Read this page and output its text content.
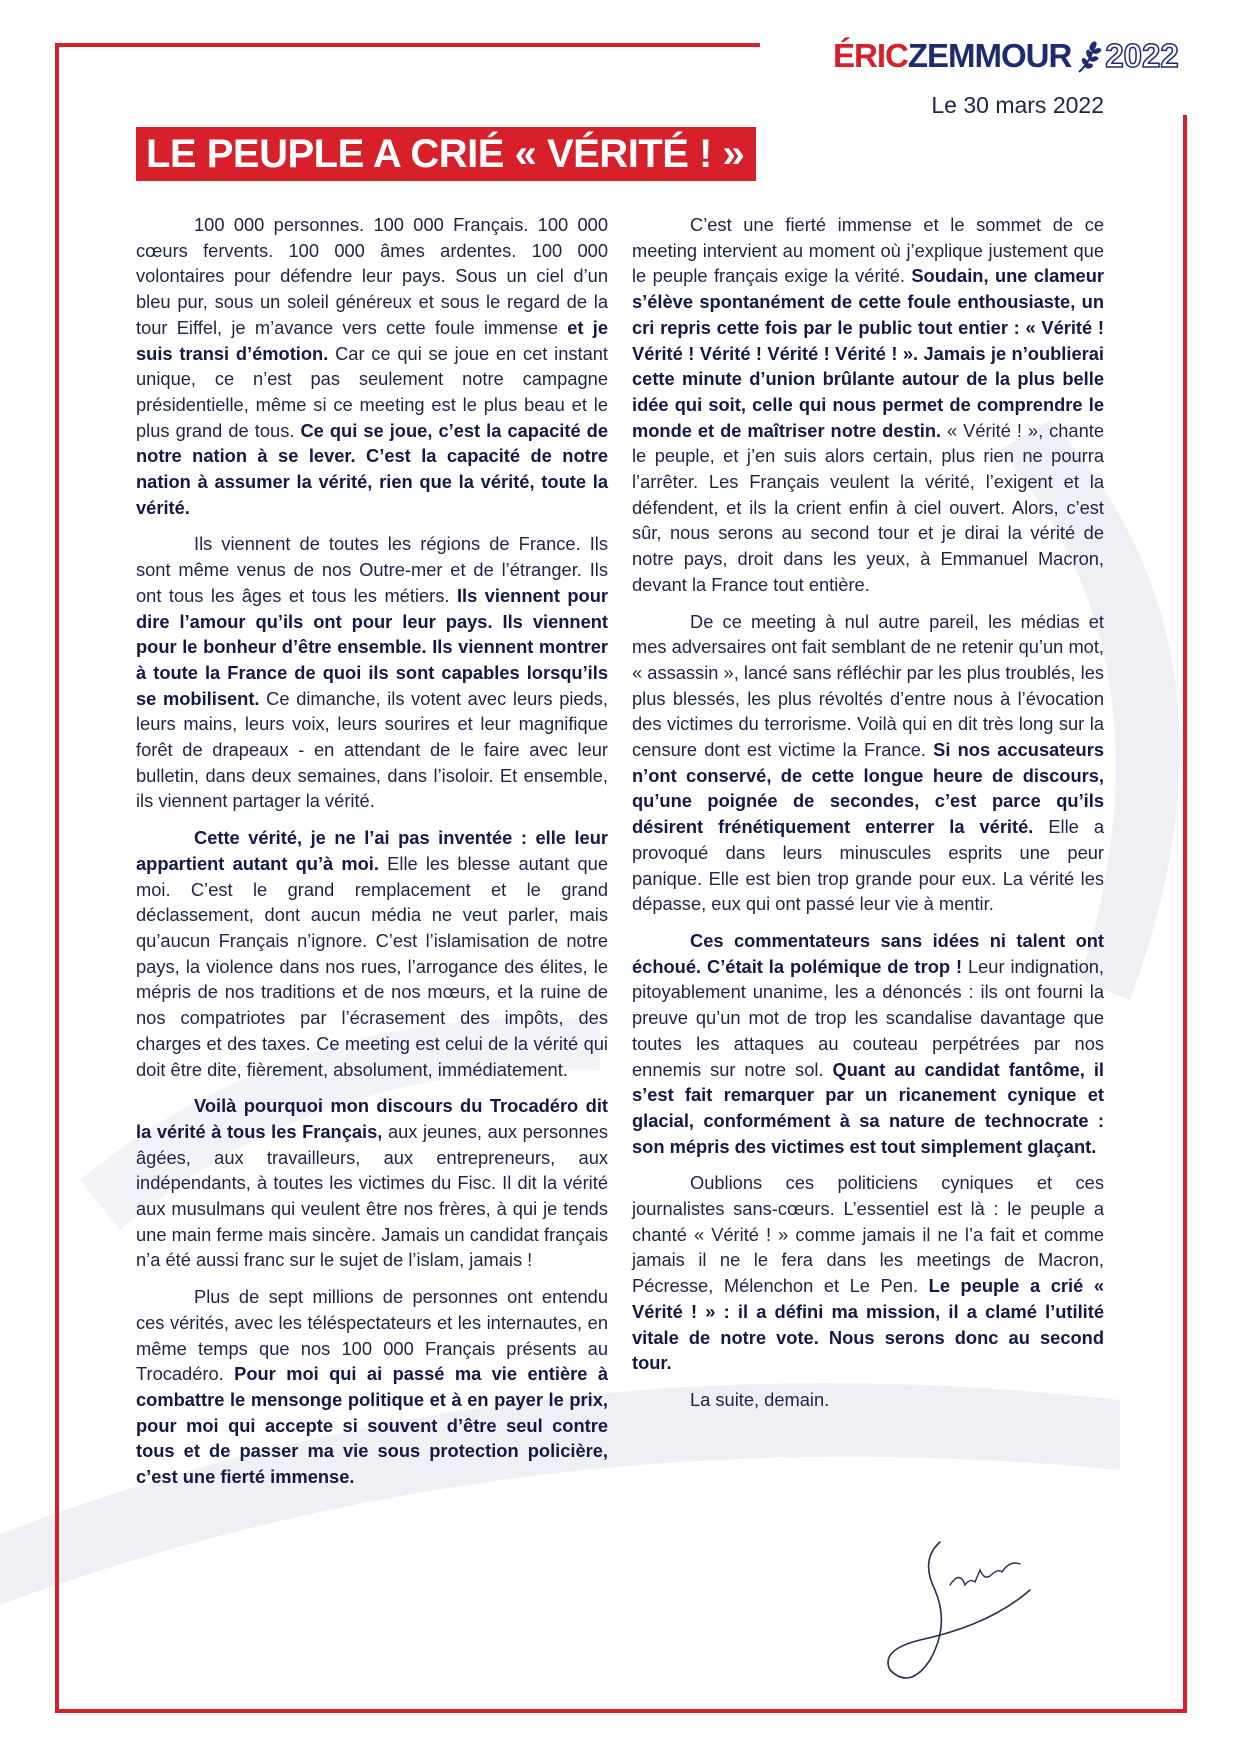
ÉRIC ZEMMOUR 2022
Le 30 mars 2022
LE PEUPLE A CRIÉ « VÉRITÉ ! »

100 000 personnes. 100 000 Français. 100 000 cœurs fervents. 100 000 âmes ardentes. 100 000 volontaires pour défendre leur pays. Sous un ciel d’un bleu pur, sous un soleil généreux et sous le regard de la tour Eiffel, je m’avance vers cette foule immense et je suis transi d’émotion. Car ce qui se joue en cet instant unique, ce n’est pas seulement notre campagne présidentielle, même si ce meeting est le plus beau et le plus grand de tous. Ce qui se joue, c’est la capacité de notre nation à se lever. C’est la capacité de notre nation à assumer la vérité, rien que la vérité, toute la vérité.

Ils viennent de toutes les régions de France. Ils sont même venus de nos Outre-mer et de l’étranger. Ils ont tous les âges et tous les métiers. Ils viennent pour dire l’amour qu’ils ont pour leur pays. Ils viennent pour le bonheur d’être ensemble. Ils viennent montrer à toute la France de quoi ils sont capables lorsqu’ils se mobilisent. Ce dimanche, ils votent avec leurs pieds, leurs mains, leurs voix, leurs sourires et leur magnifique forêt de drapeaux - en attendant de le faire avec leur bulletin, dans deux semaines, dans l’isoloir. Et ensemble, ils viennent partager la vérité.

Cette vérité, je ne l’ai pas inventée : elle leur appartient autant qu’à moi. Elle les blesse autant que moi. C’est le grand remplacement et le grand déclassement, dont aucun média ne veut parler, mais qu’aucun Français n’ignore. C’est l’islamisation de notre pays, la violence dans nos rues, l’arrogance des élites, le mépris de nos traditions et de nos mœurs, et la ruine de nos compatriotes par l’écrasement des impôts, des charges et des taxes. Ce meeting est celui de la vérité qui doit être dite, fièrement, absolument, immédiatement.

Voilà pourquoi mon discours du Trocadéro dit la vérité à tous les Français, aux jeunes, aux personnes âgées, aux travailleurs, aux entrepreneurs, aux indépendants, à toutes les victimes du Fisc. Il dit la vérité aux musulmans qui veulent être nos frères, à qui je tends une main ferme mais sincère. Jamais un candidat français n’a été aussi franc sur le sujet de l’islam, jamais !

Plus de sept millions de personnes ont entendu ces vérités, avec les téléspectateurs et les internautes, en même temps que nos 100 000 Français présents au Trocadéro. Pour moi qui ai passé ma vie entière à combattre le mensonge politique et à en payer le prix, pour moi qui accepte si souvent d’être seul contre tous et de passer ma vie sous protection policière, c’est une fierté immense.

C’est une fierté immense et le sommet de ce meeting intervient au moment où j’explique justement que le peuple français exige la vérité. Soudain, une clameur s’élève spontanément de cette foule enthousiaste, un cri repris cette fois par le public tout entier : « Vérité ! Vérité ! Vérité ! Vérité ! Vérité ! ». Jamais je n’oublierai cette minute d’union brûlante autour de la plus belle idée qui soit, celle qui nous permet de comprendre le monde et de maîtriser notre destin. « Vérité ! », chante le peuple, et j’en suis alors certain, plus rien ne pourra l’arrêter. Les Français veulent la vérité, l’exigent et la défendent, et ils la crient enfin à ciel ouvert. Alors, c’est sûr, nous serons au second tour et je dirai la vérité de notre pays, droit dans les yeux, à Emmanuel Macron, devant la France tout entière.

De ce meeting à nul autre pareil, les médias et mes adversaires ont fait semblant de ne retenir qu’un mot, « assassin », lancé sans réfléchir par les plus troublés, les plus blessés, les plus révoltés d’entre nous à l’évocation des victimes du terrorisme. Voilà qui en dit très long sur la censure dont est victime la France. Si nos accusateurs n’ont conservé, de cette longue heure de discours, qu’une poignée de secondes, c’est parce qu’ils désirent frénétiquement enterrer la vérité. Elle a provoqué dans leurs minuscules esprits une peur panique. Elle est bien trop grande pour eux. La vérité les dépasse, eux qui ont passé leur vie à mentir.

Ces commentateurs sans idées ni talent ont échoué. C’était la polémique de trop ! Leur indignation, pitoyablement unanime, les a dénoncés : ils ont fourni la preuve qu’un mot de trop les scandalise davantage que toutes les attaques au couteau perpétrées par nos ennemis sur notre sol. Quant au candidat fantôme, il s’est fait remarquer par un ricanement cynique et glacial, conformément à sa nature de technocrate : son mépris des victimes est tout simplement glaçant.

Oublions ces politiciens cyniques et ces journalistes sans-cœurs. L’essentiel est là : le peuple a chanté « Vérité ! » comme jamais il ne l’a fait et comme jamais il ne le fera dans les meetings de Macron, Pécresse, Mélenchon et Le Pen. Le peuple a crié « Vérité ! » : il a défini ma mission, il a clamé l’utilité vitale de notre vote. Nous serons donc au second tour.

La suite, demain.
